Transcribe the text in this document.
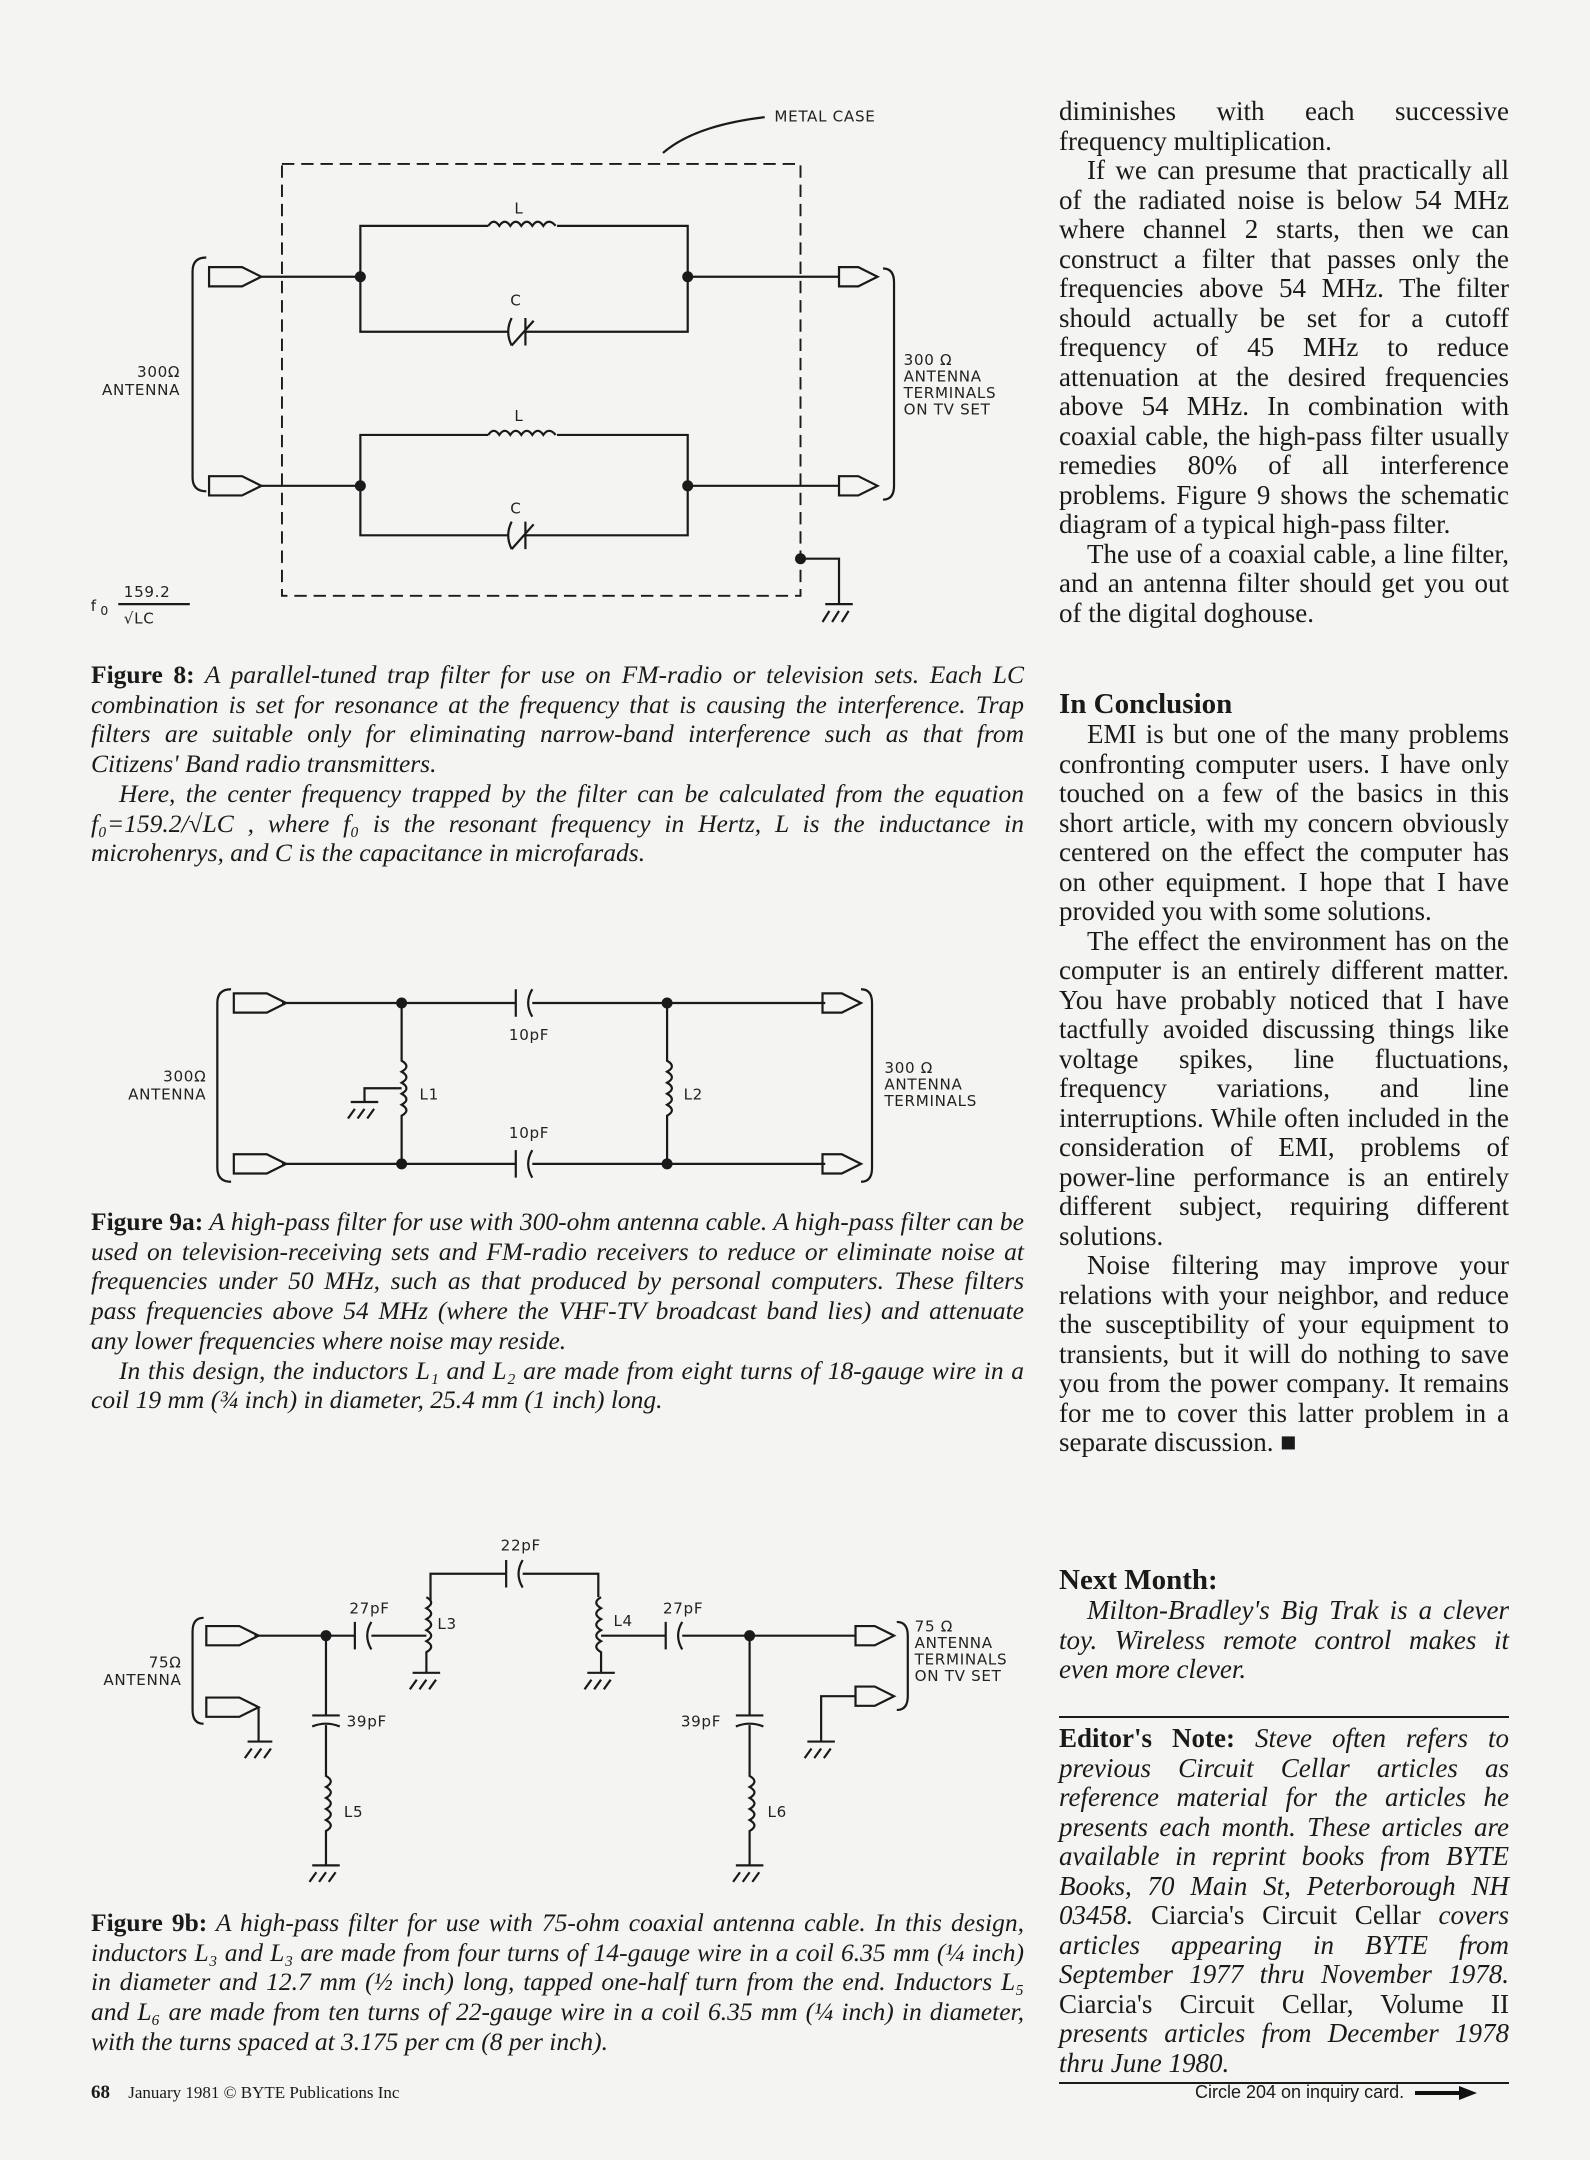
METAL CASE
L
C
L
C
300Ω
ANTENNA
300 Ω
ANTENNA
TERMINALS
ON TV SET
f 0
159.2
√LC
10pF
10pF
L1	L2
300Ω
ANTENNA
300 Ω
ANTENNA
TERMINALS
22pF
27pF	27pF
39pF	39pF
L3	L4
L5	L6
75Ω
ANTENNA
75 Ω
ANTENNA
TERMINALS
ON TV SET

Figure 8: A parallel-tuned trap filter for use on FM-radio or television sets. Each LC combination is set for resonance at the frequency that is causing the interference. Trap filters are suitable only for eliminating narrow-band interference such as that from Citizens' Band radio transmitters.

Here, the center frequency trapped by the filter can be calculated from the equation f₀=159.2/√LC , where f₀ is the resonant frequency in Hertz, L is the inductance in microhenrys, and C is the capacitance in microfarads.

Figure 9a: A high-pass filter for use with 300-ohm antenna cable. A high-pass filter can be used on television-receiving sets and FM-radio receivers to reduce or eliminate noise at frequencies under 50 MHz, such as that produced by personal computers. These filters pass frequencies above 54 MHz (where the VHF-TV broadcast band lies) and attenuate any lower frequencies where noise may reside.

In this design, the inductors L₁ and L₂ are made from eight turns of 18-gauge wire in a coil 19 mm (¾ inch) in diameter, 25.4 mm (1 inch) long.

Figure 9b: A high-pass filter for use with 75-ohm coaxial antenna cable. In this design, inductors L₃ and L₃ are made from four turns of 14-gauge wire in a coil 6.35 mm (¼ inch) in diameter and 12.7 mm (½ inch) long, tapped one-half turn from the end. Inductors L₅ and L₆ are made from ten turns of 22-gauge wire in a coil 6.35 mm (¼ inch) in diameter, with the turns spaced at 3.175 per cm (8 per inch).

diminishes with each successive frequency multiplication.

If we can presume that practically all of the radiated noise is below 54 MHz where channel 2 starts, then we can construct a filter that passes only the frequencies above 54 MHz. The filter should actually be set for a cutoff frequency of 45 MHz to reduce attenuation at the desired frequencies above 54 MHz. In combination with coaxial cable, the high-pass filter usually remedies 80% of all interference problems. Figure 9 shows the schematic diagram of a typical high-pass filter.

The use of a coaxial cable, a line filter, and an antenna filter should get you out of the digital doghouse.

In Conclusion

EMI is but one of the many problems confronting computer users. I have only touched on a few of the basics in this short article, with my concern obviously centered on the effect the computer has on other equipment. I hope that I have provided you with some solutions.

The effect the environment has on the computer is an entirely different matter. You have probably noticed that I have tactfully avoided discussing things like voltage spikes, line fluctuations, frequency variations, and line interruptions. While often included in the consideration of EMI, problems of power-line performance is an entirely different subject, requiring different solutions.

Noise filtering may improve your relations with your neighbor, and reduce the susceptibility of your equipment to transients, but it will do nothing to save you from the power company. It remains for me to cover this latter problem in a separate discussion. ■

Next Month:

Milton-Bradley's Big Trak is a clever toy. Wireless remote control makes it even more clever.

Editor's Note: Steve often refers to previous Circuit Cellar articles as reference material for the articles he presents each month. These articles are available in reprint books from BYTE Books, 70 Main St, Peterborough NH 03458. Ciarcia's Circuit Cellar covers articles appearing in BYTE from September 1977 thru November 1978. Ciarcia's Circuit Cellar, Volume II presents articles from December 1978 thru June 1980.

68 January 1981 © BYTE Publications Inc	Circle 204 on inquiry card.
